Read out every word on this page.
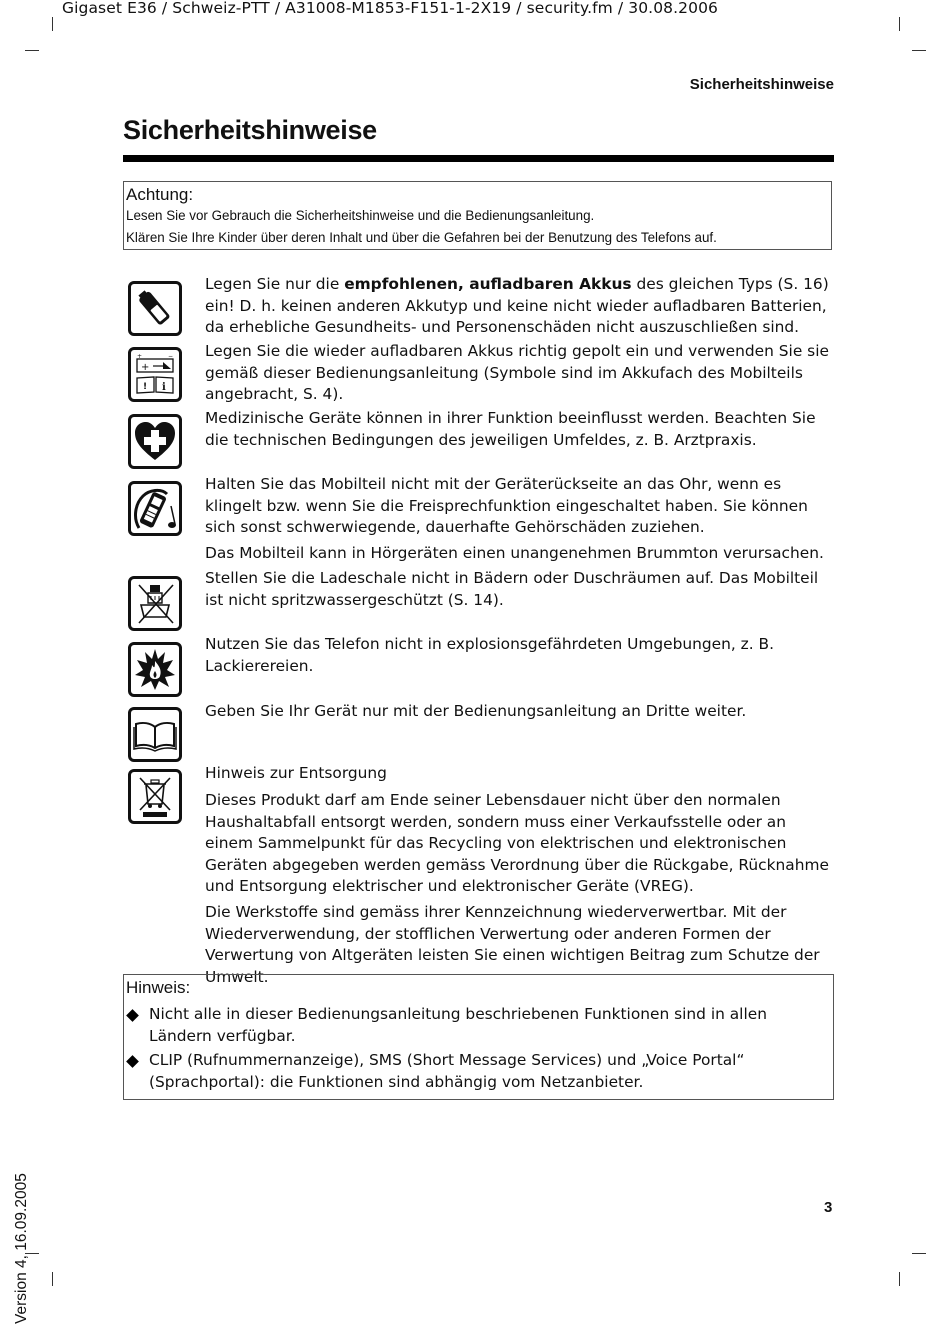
Gigaset E36 / Schweiz-PTT / A31008-M1853-F151-1-2X19 / security.fm / 30.08.2006
Sicherheitshinweise
Sicherheitshinweise
Achtung:
Lesen Sie vor Gebrauch die Sicherheitshinweise und die Bedienungsanleitung.
Klären Sie Ihre Kinder über deren Inhalt und über die Gefahren bei der Benutzung des Telefons auf.
+
+	−
! i
Legen Sie nur die empfohlenen, aufladbaren Akkus des gleichen Typs (S. 16) ein! D. h. keinen anderen Akkutyp und keine nicht wieder aufladbaren Batterien, da erhebliche Gesundheits- und Personenschäden nicht auszuschließen sind.
Legen Sie die wieder aufladbaren Akkus richtig gepolt ein und verwenden Sie sie gemäß dieser Bedienungsanleitung (Symbole sind im Akkufach des Mobilteils angebracht, S. 4).
Medizinische Geräte können in ihrer Funktion beeinflusst werden. Beachten Sie die technischen Bedingungen des jeweiligen Umfeldes, z. B. Arztpraxis.
Halten Sie das Mobilteil nicht mit der Geräterückseite an das Ohr, wenn es klingelt bzw. wenn Sie die Freisprechfunktion eingeschaltet haben. Sie können sich sonst schwerwiegende, dauerhafte Gehörschäden zuziehen.
Das Mobilteil kann in Hörgeräten einen unangenehmen Brummton verursachen.
Stellen Sie die Ladeschale nicht in Bädern oder Duschräumen auf. Das Mobilteil ist nicht spritzwassergeschützt (S. 14).
Nutzen Sie das Telefon nicht in explosionsgefährdeten Umgebungen, z. B. Lackierereien.
Geben Sie Ihr Gerät nur mit der Bedienungsanleitung an Dritte weiter.
Hinweis zur Entsorgung
Dieses Produkt darf am Ende seiner Lebensdauer nicht über den normalen Haushaltabfall entsorgt werden, sondern muss einer Verkaufsstelle oder an einem Sammelpunkt für das Recycling von elektrischen und elektronischen Geräten abgegeben werden gemäss Verordnung über die Rückgabe, Rücknahme und Entsorgung elektrischer und elektronischer Geräte (VREG).
Die Werkstoffe sind gemäss ihrer Kennzeichnung wiederverwertbar. Mit der Wiederverwendung, der stofflichen Verwertung oder anderen Formen der Verwertung von Altgeräten leisten Sie einen wichtigen Beitrag zum Schutze der Umwelt.
Hinweis:
Nicht alle in dieser Bedienungsanleitung beschriebenen Funktionen sind in allen Ländern verfügbar.
CLIP (Rufnummernanzeige), SMS (Short Message Services) und „Voice Portal“ (Sprachportal): die Funktionen sind abhängig vom Netzanbieter.
3
Version 4, 16.09.2005
